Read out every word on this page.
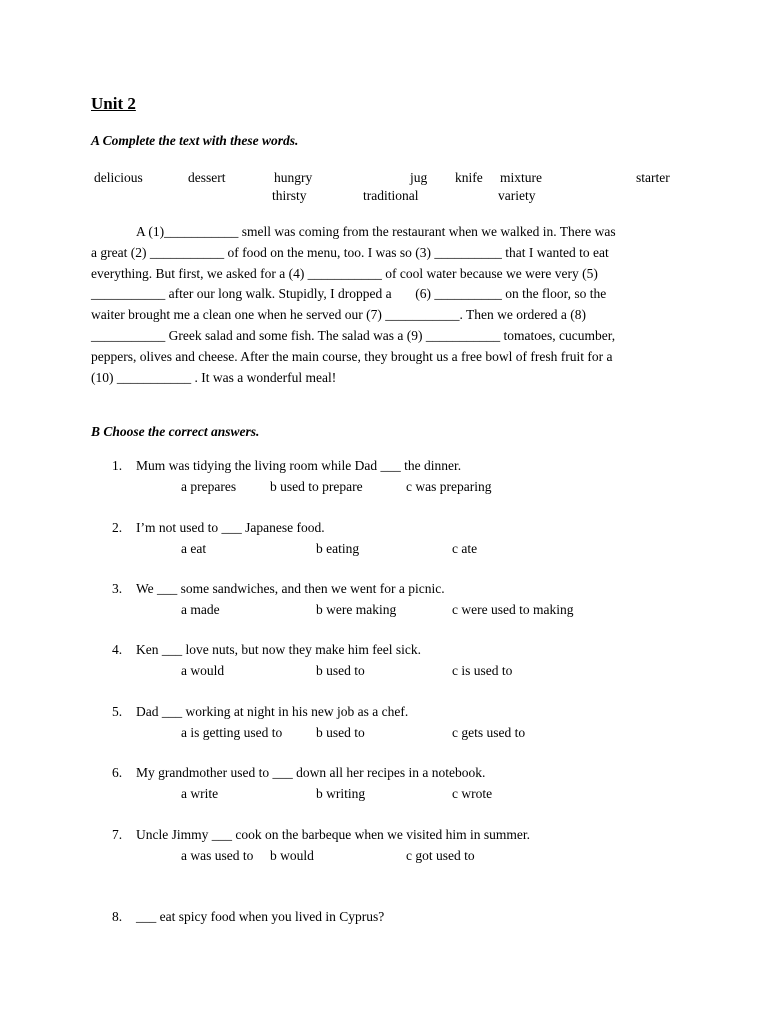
Unit 2
A Complete the text with these words.
delicious	dessert	hungry	jug knife mixture	starter
thirsty	traditional	variety
A (1)___________ smell was coming from the restaurant when we walked in. There was
a great (2) ___________ of food on the menu, too. I was so (3) __________ that I wanted to eat
everything. But first, we asked for a (4) ___________ of cool water because we were very (5)
___________ after our long walk. Stupidly, I dropped a       (6) __________ on the floor, so the
waiter brought me a clean one when he served our (7) ___________. Then we ordered a (8)
___________ Greek salad and some fish. The salad was a (9) ___________ tomatoes, cucumber,
peppers, olives and cheese. After the main course, they brought us a free bowl of fresh fruit for a
(10) ___________ . It was a wonderful meal!
B Choose the correct answers.
1. Mum was tidying the living room while Dad ___ the dinner.
a prepares	b used to prepare	c was preparing
2. I’m not used to ___ Japanese food.
a eat	b eating	c ate
3. We ___ some sandwiches, and then we went for a picnic.
a made	b were making	c were used to making
4. Ken ___ love nuts, but now they make him feel sick.
a would	b used to	c is used to
5. Dad ___ working at night in his new job as a chef.
a is getting used to	b used to	c gets used to
6. My grandmother used to ___ down all her recipes in a notebook.
a write	b writing	c wrote
7. Uncle Jimmy ___ cook on the barbeque when we visited him in summer.
a was used to b would	c got used to
8. ___ eat spicy food when you lived in Cyprus?
